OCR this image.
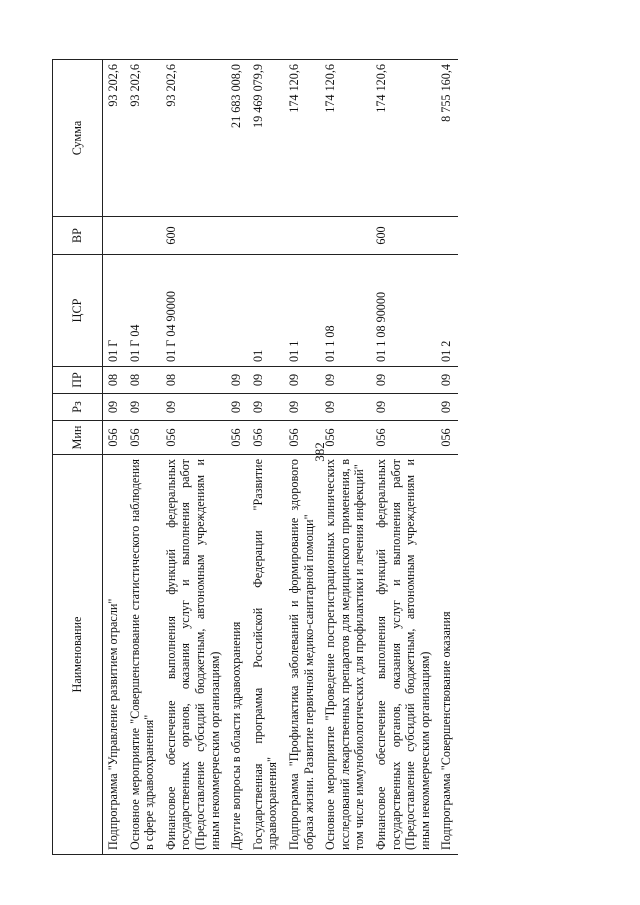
382
Наименование	Мин	Рз	ПР	ЦСР	ВР	Сумма
Подпрограмма "Управление развитием отрасли"	056	09	08	01 Г		93 202,6
Основное мероприятие "Совершенствование статистического наблюдения в сфере здравоохранения"	056	09	08	01 Г 04		93 202,6
Финансовое обеспечение выполнения функций федеральных государственных органов, оказания услуг и выполнения работ (Предоставление субсидий бюджетным, автономным учреждениям и иным некоммерческим организациям)	056	09	08	01 Г 04 90000	600	93 202,6
Другие вопросы в области здравоохранения	056	09	09			21 683 008,0
Государственная программа Российской Федерации "Развитие здравоохранения"	056	09	09	01		19 469 079,9
Подпрограмма "Профилактика заболеваний и формирование здорового образа жизни. Развитие первичной медико-санитарной помощи"	056	09	09	01 1		174 120,6
Основное мероприятие "Проведение пострегистрационных клинических исследований лекарственных препаратов для медицинского применения, в том числе иммунобиологических для профилактики и лечения инфекций"	056	09	09	01 1 08		174 120,6
Финансовое обеспечение выполнения функций федеральных государственных органов, оказания услуг и выполнения работ (Предоставление субсидий бюджетным, автономным учреждениям и иным некоммерческим организациям)	056	09	09	01 1 08 90000	600	174 120,6
Подпрограмма "Совершенствование оказания	056	09	09	01 2		8 755 160,4
